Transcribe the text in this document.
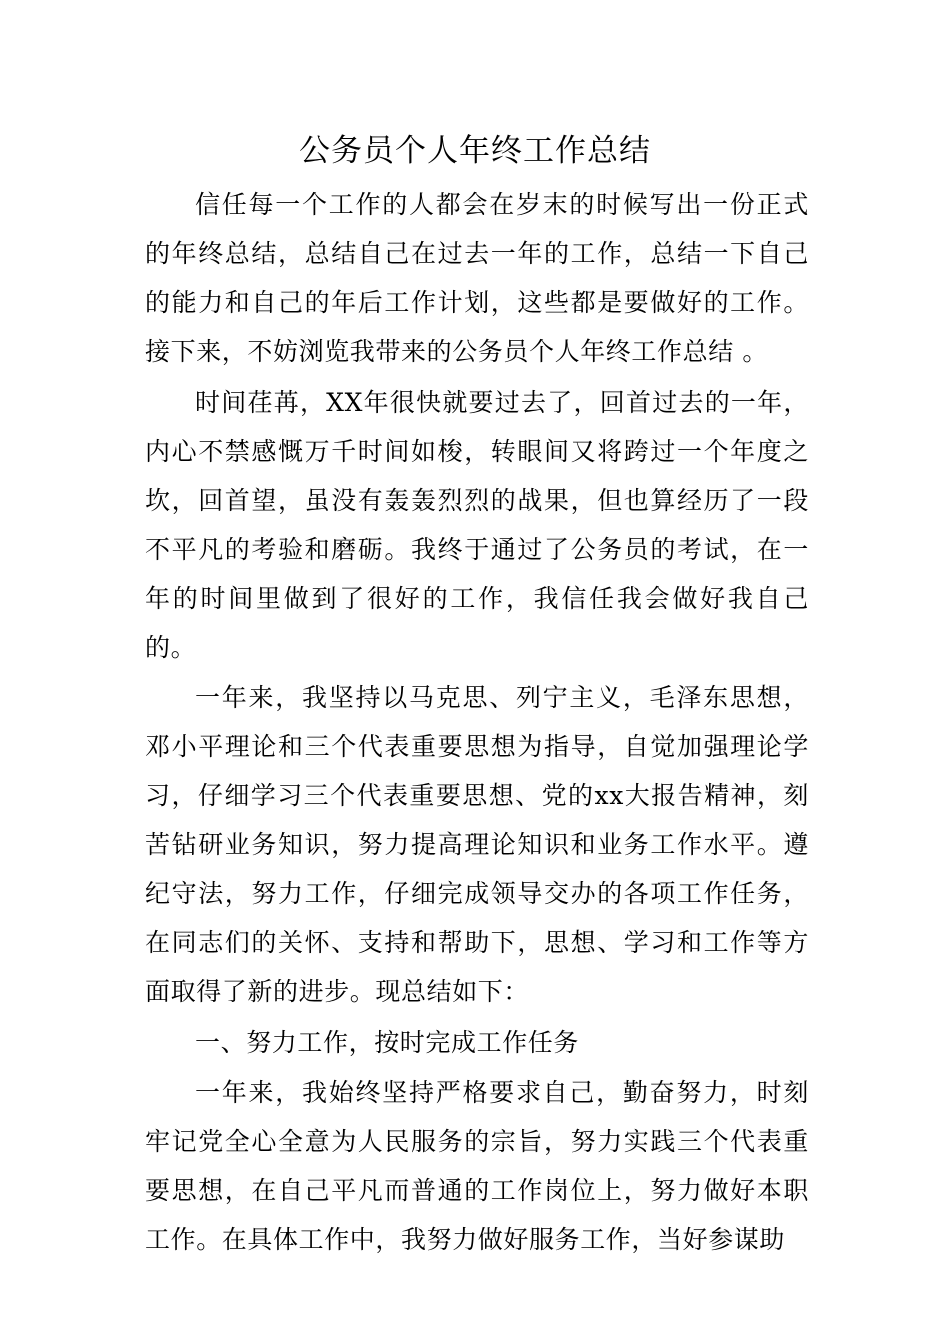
公务员个人年终工作总结

信任每一个工作的人都会在岁末的时候写出一份正式的年终总结，总结自己在过去一年的工作，总结一下自己的能力和自己的年后工作计划，这些都是要做好的工作。接下来，不妨浏览我带来的公务员个人年终工作总结 。

时间荏苒，XX年很快就要过去了，回首过去的一年，内心不禁感慨万千时间如梭，转眼间又将跨过一个年度之坎，回首望，虽没有轰轰烈烈的战果，但也算经历了一段不平凡的考验和磨砺。我终于通过了公务员的考试，在一年的时间里做到了很好的工作，我信任我会做好我自己的。

一年来，我坚持以马克思、列宁主义，毛泽东思想，邓小平理论和三个代表重要思想为指导，自觉加强理论学习，仔细学习三个代表重要思想、党的xx大报告精神，刻苦钻研业务知识，努力提高理论知识和业务工作水平。遵纪守法，努力工作，仔细完成领导交办的各项工作任务，在同志们的关怀、支持和帮助下，思想、学习和工作等方面取得了新的进步。现总结如下：

一、努力工作，按时完成工作任务

一年来，我始终坚持严格要求自己，勤奋努力，时刻牢记党全心全意为人民服务的宗旨，努力实践三个代表重要思想，在自己平凡而普通的工作岗位上，努力做好本职工作。在具体工作中，我努力做好服务工作，当好参谋助
